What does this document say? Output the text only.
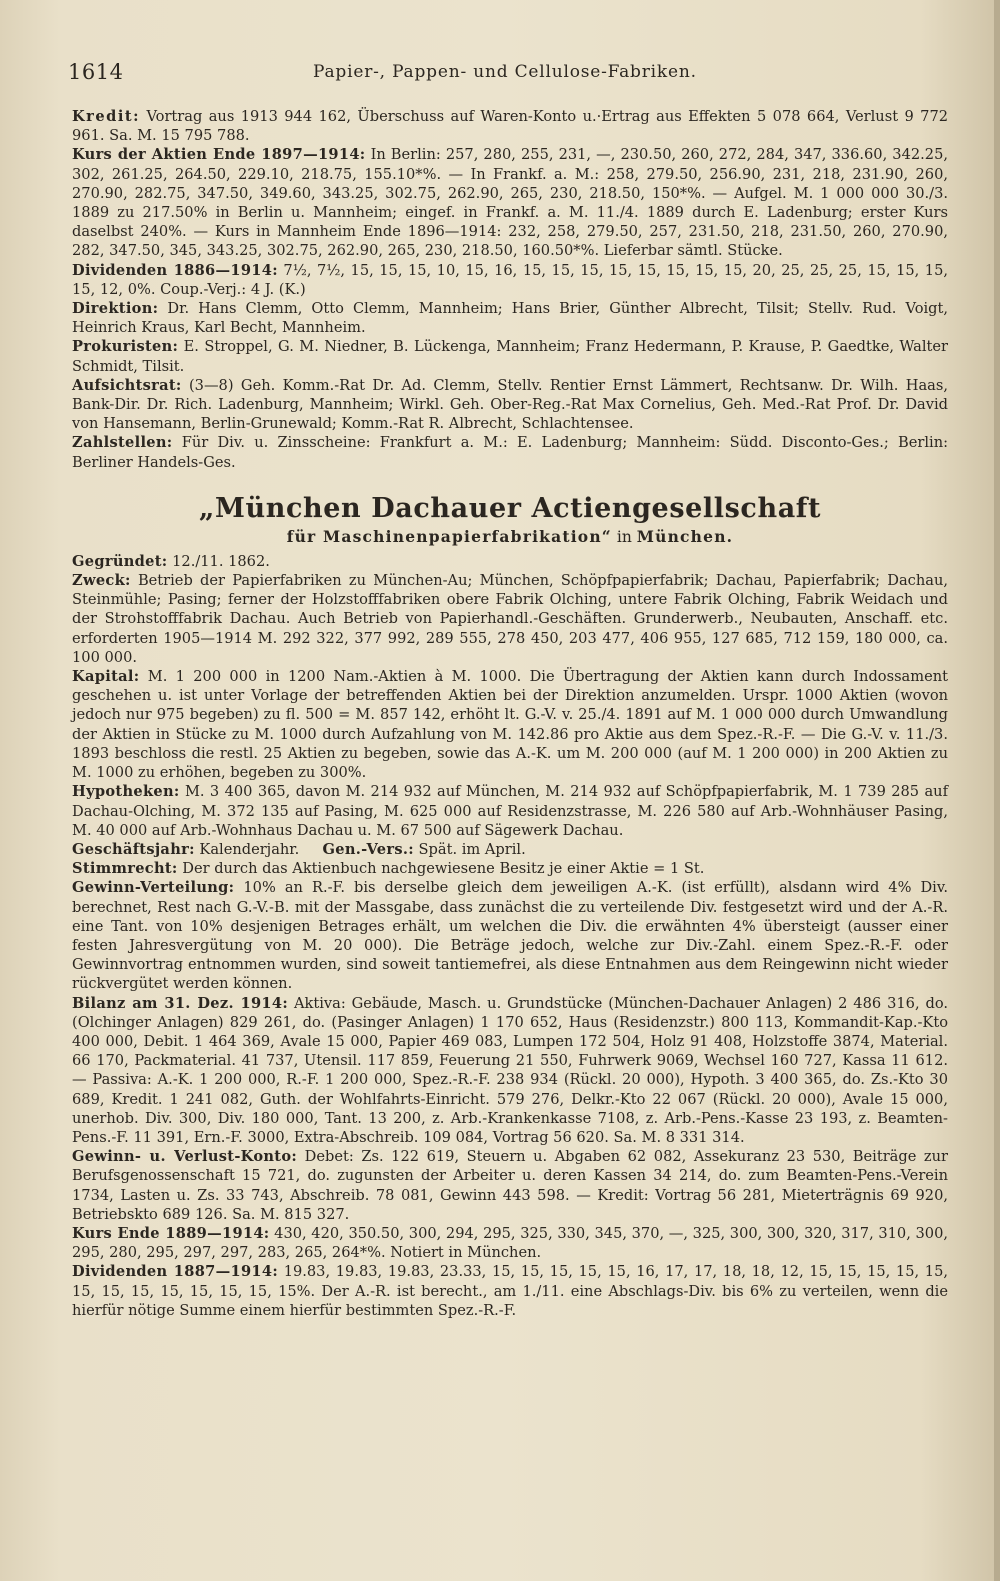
1614	Papier-, Pappen- und Cellulose-Fabriken.

Kredit: Vortrag aus 1913 944 162, Überschuss auf Waren-Konto u.·Ertrag aus Effekten 5 078 664, Verlust 9 772 961. Sa. M. 15 795 788.

Kurs der Aktien Ende 1897—1914: In Berlin: 257, 280, 255, 231, —, 230.50, 260, 272, 284, 347, 336.60, 342.25, 302, 261.25, 264.50, 229.10, 218.75, 155.10*%. — In Frankf. a. M.: 258, 279.50, 256.90, 231, 218, 231.90, 260, 270.90, 282.75, 347.50, 349.60, 343.25, 302.75, 262.90, 265, 230, 218.50, 150*%. — Aufgel. M. 1 000 000 30./3. 1889 zu 217.50% in Berlin u. Mannheim; eingef. in Frankf. a. M. 11./4. 1889 durch E. Ladenburg; erster Kurs daselbst 240%. — Kurs in Mannheim Ende 1896—1914: 232, 258, 279.50, 257, 231.50, 218, 231.50, 260, 270.90, 282, 347.50, 345, 343.25, 302.75, 262.90, 265, 230, 218.50, 160.50*%. Lieferbar sämtl. Stücke.

Dividenden 1886—1914: 7½, 7½, 15, 15, 15, 10, 15, 16, 15, 15, 15, 15, 15, 15, 15, 15, 20, 25, 25, 25, 15, 15, 15, 15, 12, 0%. Coup.-Verj.: 4 J. (K.)

Direktion: Dr. Hans Clemm, Otto Clemm, Mannheim; Hans Brier, Günther Albrecht, Tilsit; Stellv. Rud. Voigt, Heinrich Kraus, Karl Becht, Mannheim.

Prokuristen: E. Stroppel, G. M. Niedner, B. Lückenga, Mannheim; Franz Hedermann, P. Krause, P. Gaedtke, Walter Schmidt, Tilsit.

Aufsichtsrat: (3—8) Geh. Komm.-Rat Dr. Ad. Clemm, Stellv. Rentier Ernst Lämmert, Rechtsanw. Dr. Wilh. Haas, Bank-Dir. Dr. Rich. Ladenburg, Mannheim; Wirkl. Geh. Ober-Reg.-Rat Max Cornelius, Geh. Med.-Rat Prof. Dr. David von Hansemann, Berlin-Grunewald; Komm.-Rat R. Albrecht, Schlachtensee.

Zahlstellen: Für Div. u. Zinsscheine: Frankfurt a. M.: E. Ladenburg; Mannheim: Südd. Disconto-Ges.; Berlin: Berliner Handels-Ges.

„München Dachauer Actiengesellschaft
für Maschinenpapierfabrikation“ in München.

Gegründet: 12./11. 1862.

Zweck: Betrieb der Papierfabriken zu München-Au; München, Schöpfpapierfabrik; Dachau, Papierfabrik; Dachau, Steinmühle; Pasing; ferner der Holzstofffabriken obere Fabrik Olching, untere Fabrik Olching, Fabrik Weidach und der Strohstofffabrik Dachau. Auch Betrieb von Papierhandl.-Geschäften. Grunderwerb., Neubauten, Anschaff. etc. erforderten 1905—1914 M. 292 322, 377 992, 289 555, 278 450, 203 477, 406 955, 127 685, 712 159, 180 000, ca. 100 000.

Kapital: M. 1 200 000 in 1200 Nam.-Aktien à M. 1000. Die Übertragung der Aktien kann durch Indossament geschehen u. ist unter Vorlage der betreffenden Aktien bei der Direktion anzumelden. Urspr. 1000 Aktien (wovon jedoch nur 975 begeben) zu fl. 500 = M. 857 142, erhöht lt. G.-V. v. 25./4. 1891 auf M. 1 000 000 durch Umwandlung der Aktien in Stücke zu M. 1000 durch Aufzahlung von M. 142.86 pro Aktie aus dem Spez.-R.-F. — Die G.-V. v. 11./3. 1893 beschloss die restl. 25 Aktien zu begeben, sowie das A.-K. um M. 200 000 (auf M. 1 200 000) in 200 Aktien zu M. 1000 zu erhöhen, begeben zu 300%.

Hypotheken: M. 3 400 365, davon M. 214 932 auf München, M. 214 932 auf Schöpfpapierfabrik, M. 1 739 285 auf Dachau-Olching, M. 372 135 auf Pasing, M. 625 000 auf Residenzstrasse, M. 226 580 auf Arb.-Wohnhäuser Pasing, M. 40 000 auf Arb.-Wohnhaus Dachau u. M. 67 500 auf Sägewerk Dachau.

Geschäftsjahr: Kalenderjahr. Gen.-Vers.: Spät. im April.

Stimmrecht: Der durch das Aktienbuch nachgewiesene Besitz je einer Aktie = 1 St.

Gewinn-Verteilung: 10% an R.-F. bis derselbe gleich dem jeweiligen A.-K. (ist erfüllt), alsdann wird 4% Div. berechnet, Rest nach G.-V.-B. mit der Massgabe, dass zunächst die zu verteilende Div. festgesetzt wird und der A.-R. eine Tant. von 10% desjenigen Betrages erhält, um welchen die Div. die erwähnten 4% übersteigt (ausser einer festen Jahresvergütung von M. 20 000). Die Beträge jedoch, welche zur Div.-Zahl. einem Spez.-R.-F. oder Gewinnvortrag entnommen wurden, sind soweit tantiemefrei, als diese Entnahmen aus dem Reingewinn nicht wieder rückvergütet werden können.

Bilanz am 31. Dez. 1914: Aktiva: Gebäude, Masch. u. Grundstücke (München-Dachauer Anlagen) 2 486 316, do. (Olchinger Anlagen) 829 261, do. (Pasinger Anlagen) 1 170 652, Haus (Residenzstr.) 800 113, Kommandit-Kap.-Kto 400 000, Debit. 1 464 369, Avale 15 000, Papier 469 083, Lumpen 172 504, Holz 91 408, Holzstoffe 3874, Material. 66 170, Packmaterial. 41 737, Utensil. 117 859, Feuerung 21 550, Fuhrwerk 9069, Wechsel 160 727, Kassa 11 612. — Passiva: A.-K. 1 200 000, R.-F. 1 200 000, Spez.-R.-F. 238 934 (Rückl. 20 000), Hypoth. 3 400 365, do. Zs.-Kto 30 689, Kredit. 1 241 082, Guth. der Wohlfahrts-Einricht. 579 276, Delkr.-Kto 22 067 (Rückl. 20 000), Avale 15 000, unerhob. Div. 300, Div. 180 000, Tant. 13 200, z. Arb.-Krankenkasse 7108, z. Arb.-Pens.-Kasse 23 193, z. Beamten-Pens.-F. 11 391, Ern.-F. 3000, Extra-Abschreib. 109 084, Vortrag 56 620. Sa. M. 8 331 314.

Gewinn- u. Verlust-Konto: Debet: Zs. 122 619, Steuern u. Abgaben 62 082, Assekuranz 23 530, Beiträge zur Berufsgenossenschaft 15 721, do. zugunsten der Arbeiter u. deren Kassen 34 214, do. zum Beamten-Pens.-Verein 1734, Lasten u. Zs. 33 743, Abschreib. 78 081, Gewinn 443 598. — Kredit: Vortrag 56 281, Mieterträgnis 69 920, Betriebskto 689 126. Sa. M. 815 327.

Kurs Ende 1889—1914: 430, 420, 350.50, 300, 294, 295, 325, 330, 345, 370, —, 325, 300, 300, 320, 317, 310, 300, 295, 280, 295, 297, 297, 283, 265, 264*%. Notiert in München.

Dividenden 1887—1914: 19.83, 19.83, 19.83, 23.33, 15, 15, 15, 15, 15, 16, 17, 17, 18, 18, 12, 15, 15, 15, 15, 15, 15, 15, 15, 15, 15, 15, 15, 15%. Der A.-R. ist berecht., am 1./11. eine Abschlags-Div. bis 6% zu verteilen, wenn die hierfür nötige Summe einem hierfür bestimmten Spez.-R.-F.
